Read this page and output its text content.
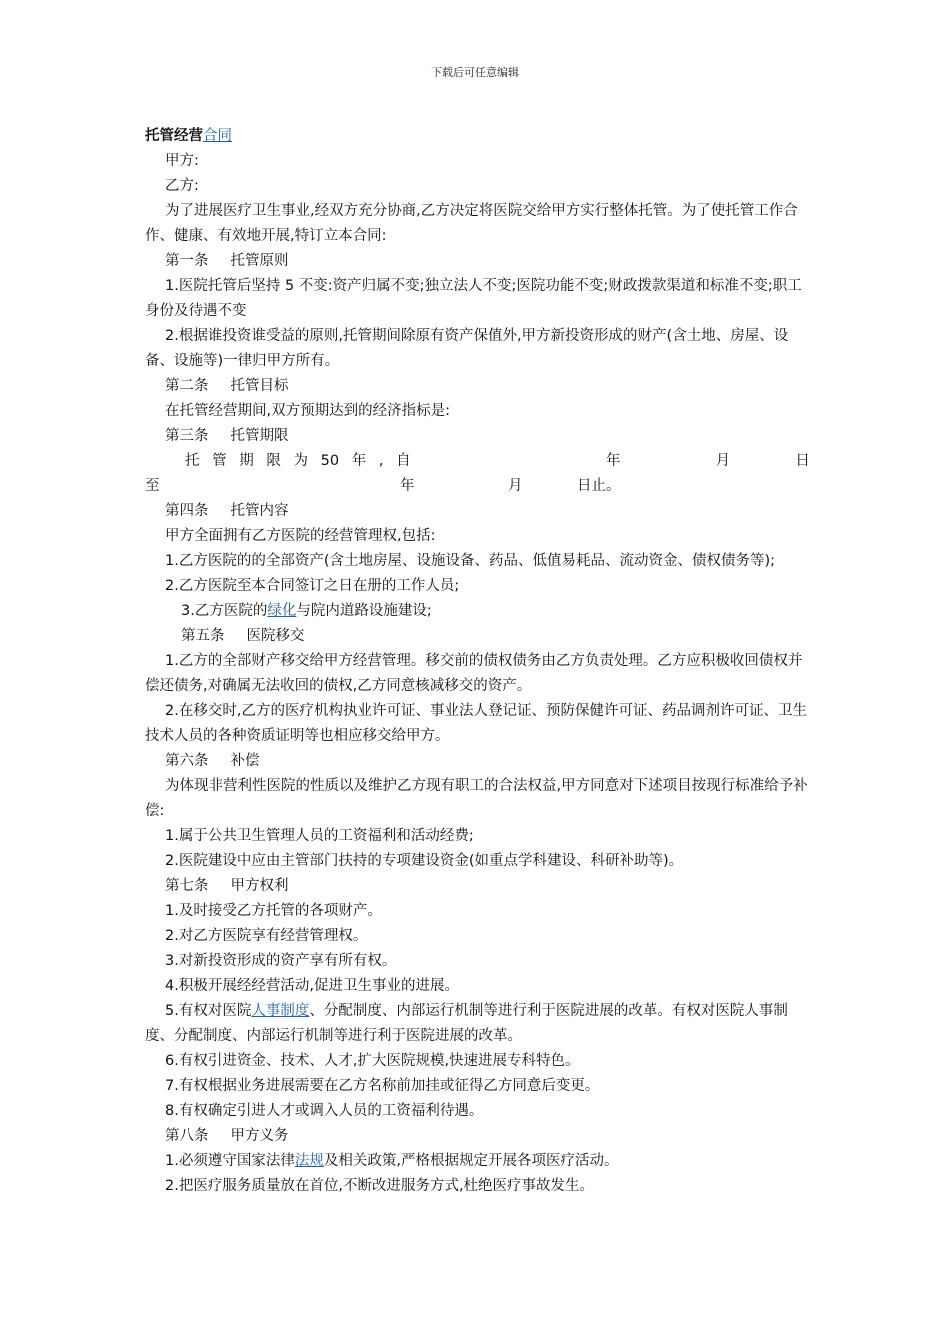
下载后可任意编辑

托管经营合同

甲方:

乙方:

为了进展医疗卫生事业,经双方充分协商,乙方决定将医院交给甲方实行整体托管。为了使托管工作合作、健康、有效地开展,特订立本合同:

第一条 托管原则

1.医院托管后坚持 5 不变:资产归属不变;独立法人不变;医院功能不变;财政拨款渠道和标准不变;职工身份及待遇不变

2.根据谁投资谁受益的原则,托管期间除原有资产保值外,甲方新投资形成的财产(含土地、房屋、设备、设施等)一律归甲方所有。

第二条 托管目标

在托管经营期间,双方预期达到的经济指标是:

第三条 托管期限

托 管 期 限 为 50 年 , 自	年	月	日

至	年	月	日止。

第四条 托管内容

甲方全面拥有乙方医院的经营管理权,包括:

1.乙方医院的的全部资产(含土地房屋、设施设备、药品、低值易耗品、流动资金、债权债务等);

2.乙方医院至本合同签订之日在册的工作人员;

3.乙方医院的绿化与院内道路设施建设;

第五条 医院移交

1.乙方的全部财产移交给甲方经营管理。移交前的债权债务由乙方负责处理。乙方应积极收回债权并偿还债务,对确属无法收回的债权,乙方同意核减移交的资产。

2.在移交时,乙方的医疗机构执业许可证、事业法人登记证、预防保健许可证、药品调剂许可证、卫生技术人员的各种资质证明等也相应移交给甲方。

第六条 补偿

为体现非营利性医院的性质以及维护乙方现有职工的合法权益,甲方同意对下述项目按现行标准给予补偿:

1.属于公共卫生管理人员的工资福利和活动经费;

2.医院建设中应由主管部门扶持的专项建设资金(如重点学科建设、科研补助等)。

第七条 甲方权利

1.及时接受乙方托管的各项财产。

2.对乙方医院享有经营管理权。

3.对新投资形成的资产享有所有权。

4.积极开展经经营活动,促进卫生事业的进展。

5.有权对医院人事制度、分配制度、内部运行机制等进行利于医院进展的改革。有权对医院人事制度、分配制度、内部运行机制等进行利于医院进展的改革。

6.有权引进资金、技术、人才,扩大医院规模,快速进展专科特色。

7.有权根据业务进展需要在乙方名称前加挂或征得乙方同意后变更。

8.有权确定引进人才或调入人员的工资福利待遇。

第八条 甲方义务

1.必须遵守国家法律法规及相关政策,严格根据规定开展各项医疗活动。

2.把医疗服务质量放在首位,不断改进服务方式,杜绝医疗事故发生。
